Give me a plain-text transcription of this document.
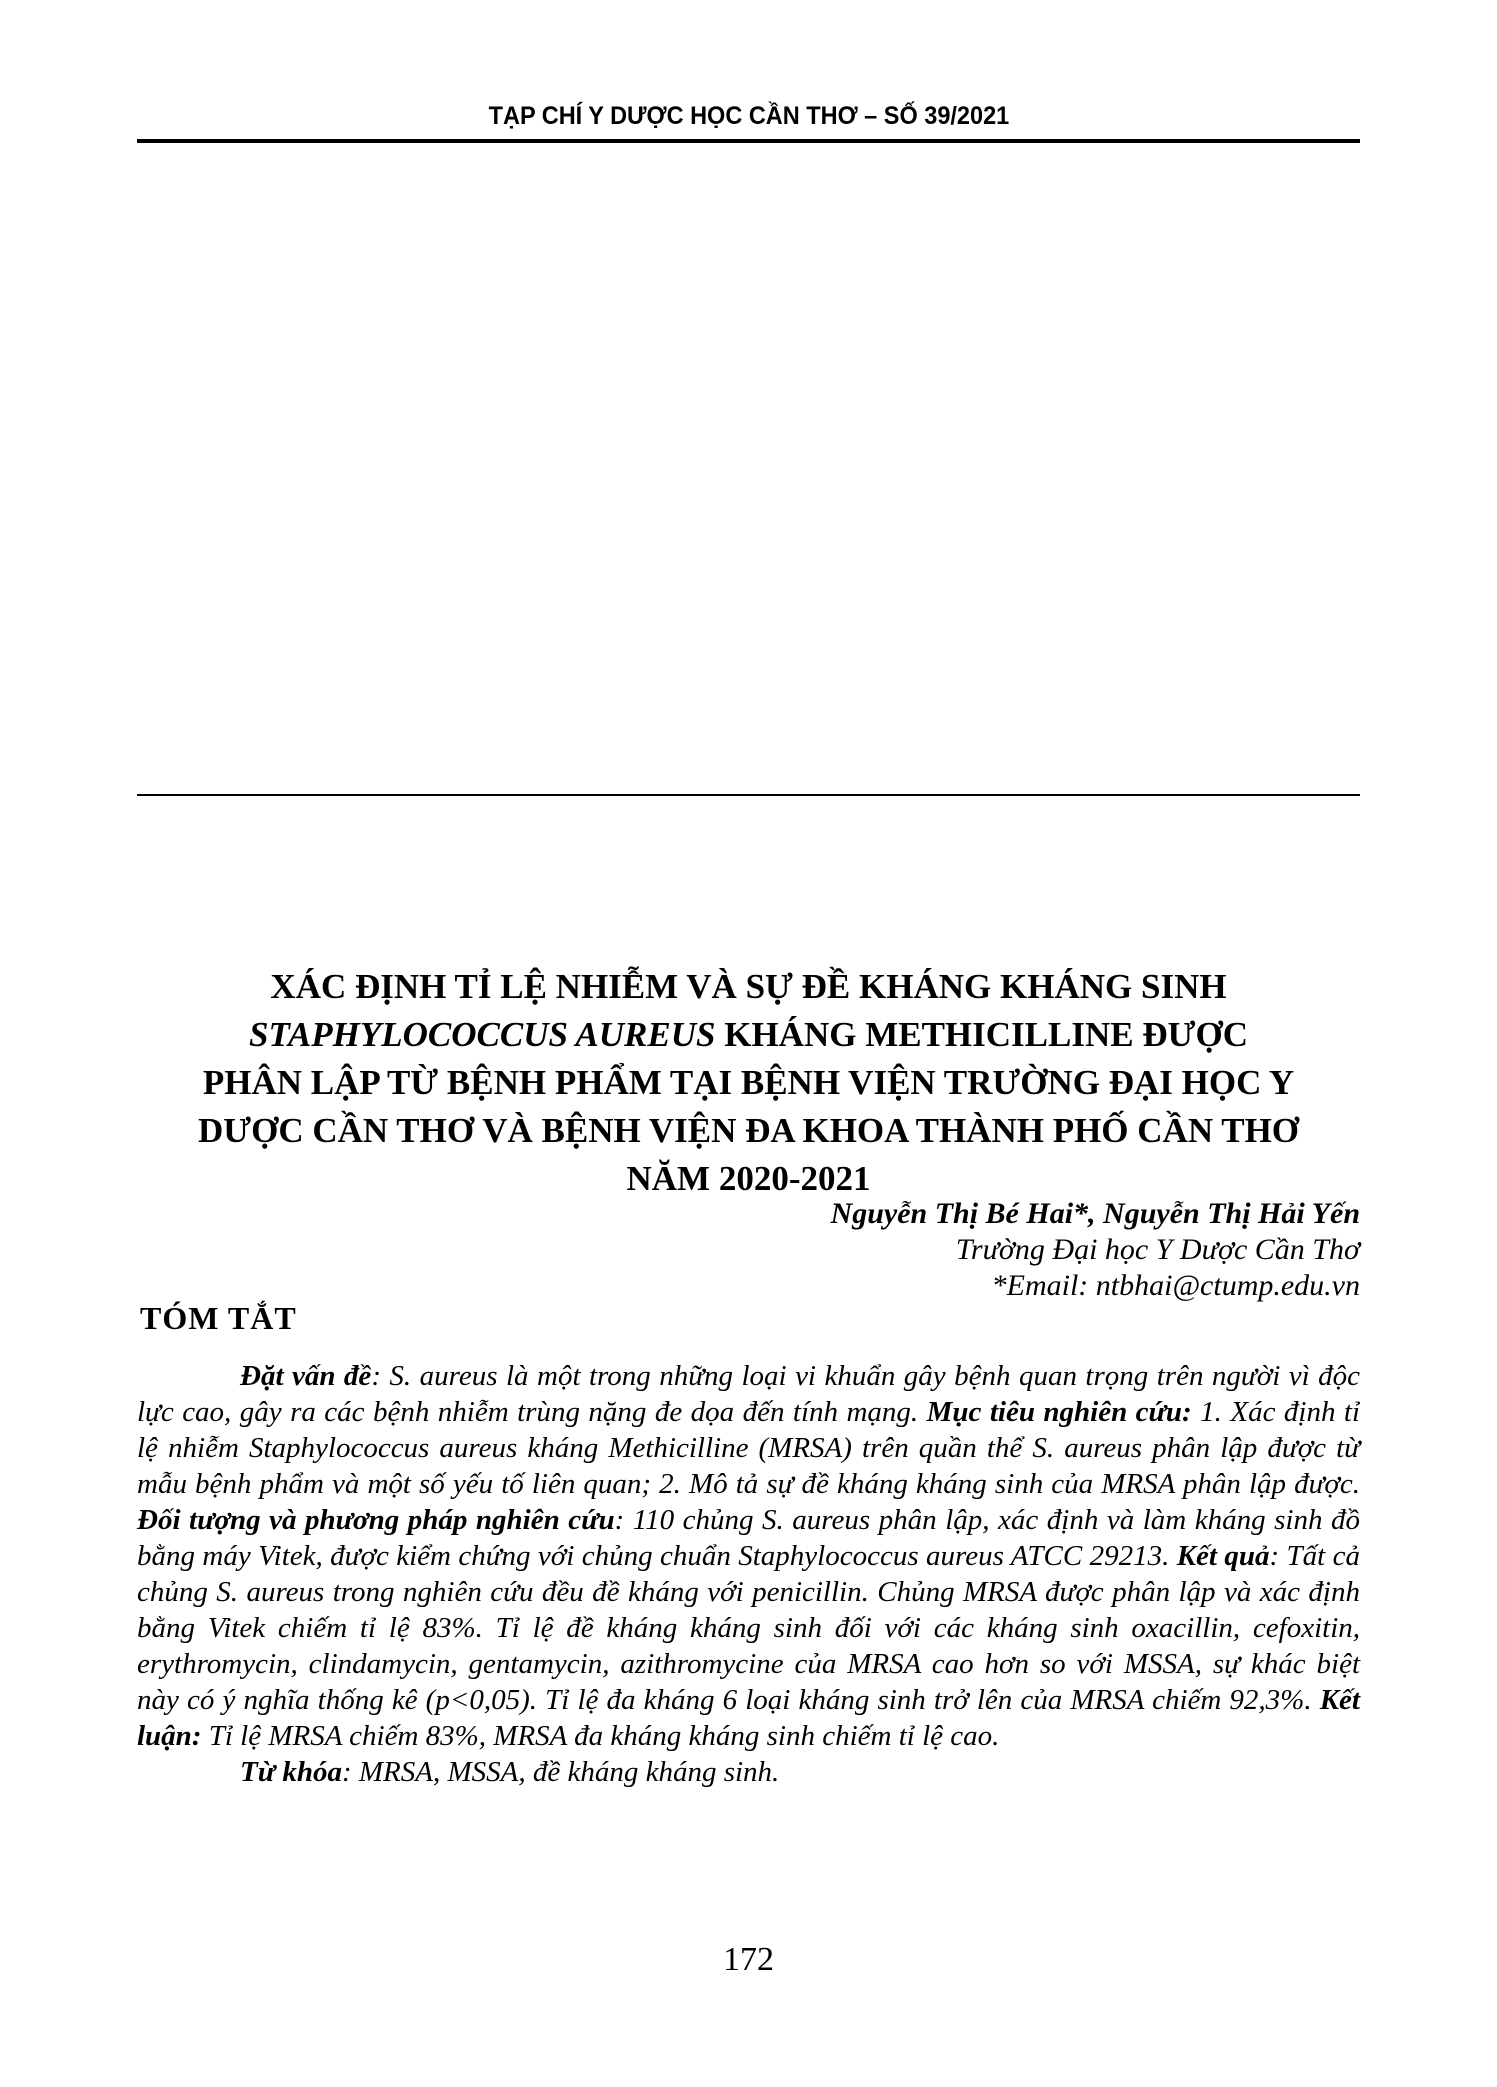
TẠP CHÍ Y DƯỢC HỌC CẦN THƠ – SỐ 39/2021
XÁC ĐỊNH TỈ LỆ NHIỄM VÀ SỰ ĐỀ KHÁNG KHÁNG SINH
STAPHYLOCOCCUS AUREUS KHÁNG METHICILLINE ĐƯỢC
PHÂN LẬP TỪ BỆNH PHẨM TẠI BỆNH VIỆN TRƯỜNG ĐẠI HỌC Y
DƯỢC CẦN THƠ VÀ BỆNH VIỆN ĐA KHOA THÀNH PHỐ CẦN THƠ
NĂM 2020-2021
Nguyễn Thị Bé Hai*, Nguyễn Thị Hải Yến
Trường Đại học Y Dược Cần Thơ
*Email: ntbhai@ctump.edu.vn
TÓM TẮT

Đặt vấn đề: S. aureus là một trong những loại vi khuẩn gây bệnh quan trọng trên người vì độc lực cao, gây ra các bệnh nhiễm trùng nặng đe dọa đến tính mạng. Mục tiêu nghiên cứu: 1. Xác định tỉ lệ nhiễm Staphylococcus aureus kháng Methicilline (MRSA) trên quần thể S. aureus phân lập được từ mẫu bệnh phẩm và một số yếu tố liên quan; 2. Mô tả sự đề kháng kháng sinh của MRSA phân lập được. Đối tượng và phương pháp nghiên cứu: 110 chủng S. aureus phân lập, xác định và làm kháng sinh đồ bằng máy Vitek, được kiểm chứng với chủng chuẩn Staphylococcus aureus ATCC 29213. Kết quả: Tất cả chủng S. aureus trong nghiên cứu đều đề kháng với penicillin. Chủng MRSA được phân lập và xác định bằng Vitek chiếm tỉ lệ 83%. Tỉ lệ đề kháng kháng sinh đối với các kháng sinh oxacillin, cefoxitin, erythromycin, clindamycin, gentamycin, azithromycine của MRSA cao hơn so với MSSA, sự khác biệt này có ý nghĩa thống kê (p<0,05). Tỉ lệ đa kháng 6 loại kháng sinh trở lên của MRSA chiếm 92,3%. Kết luận: Tỉ lệ MRSA chiếm 83%, MRSA đa kháng kháng sinh chiếm tỉ lệ cao.

Từ khóa: MRSA, MSSA, đề kháng kháng sinh.

172
